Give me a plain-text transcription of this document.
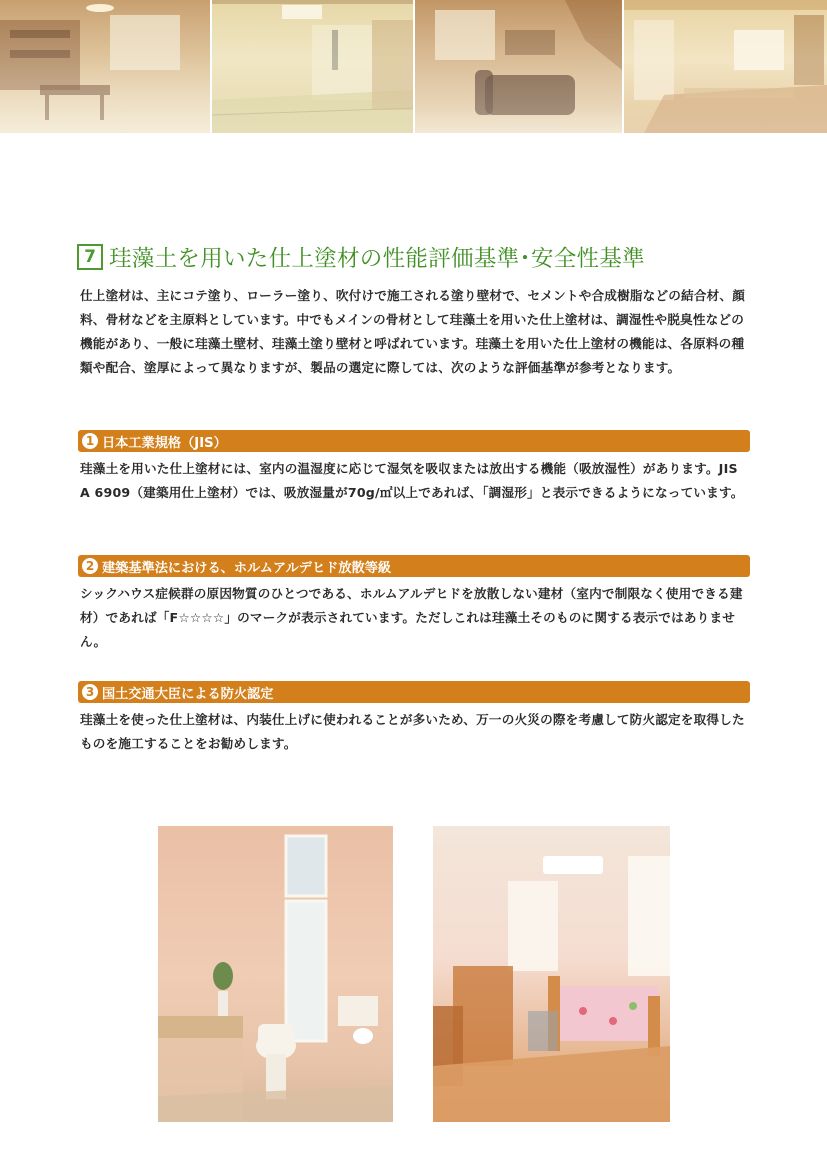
7 珪藻土を用いた仕上塗材の性能評価基準･安全性基準
仕上塗材は、主にコテ塗り、ローラー塗り、吹付けで施工される塗り壁材で、セメントや合成樹脂などの結合材、顔料、骨材などを主原料としています。中でもメインの骨材として珪藻土を用いた仕上塗材は、調湿性や脱臭性などの機能があり、一般に珪藻土壁材、珪藻土塗り壁材と呼ばれています。珪藻土を用いた仕上塗材の機能は、各原料の種類や配合、塗厚によって異なりますが、製品の選定に際しては、次のような評価基準が参考となります。
1 日本工業規格（JIS）
珪藻土を用いた仕上塗材には、室内の温湿度に応じて湿気を吸収または放出する機能（吸放湿性）があります。JIS A 6909（建築用仕上塗材）では、吸放湿量が70g/㎡以上であれば、「調湿形」と表示できるようになっています。
2 建築基準法における、ホルムアルデヒド放散等級
シックハウス症候群の原因物質のひとつである、ホルムアルデヒドを放散しない建材（室内で制限なく使用できる建材）であれば「F☆☆☆☆」のマークが表示されています。ただしこれは珪藻土そのものに関する表示ではありません。
3 国土交通大臣による防火認定
珪藻土を使った仕上塗材は、内装仕上げに使われることが多いため、万一の火災の際を考慮して防火認定を取得したものを施工することをお勧めします。
